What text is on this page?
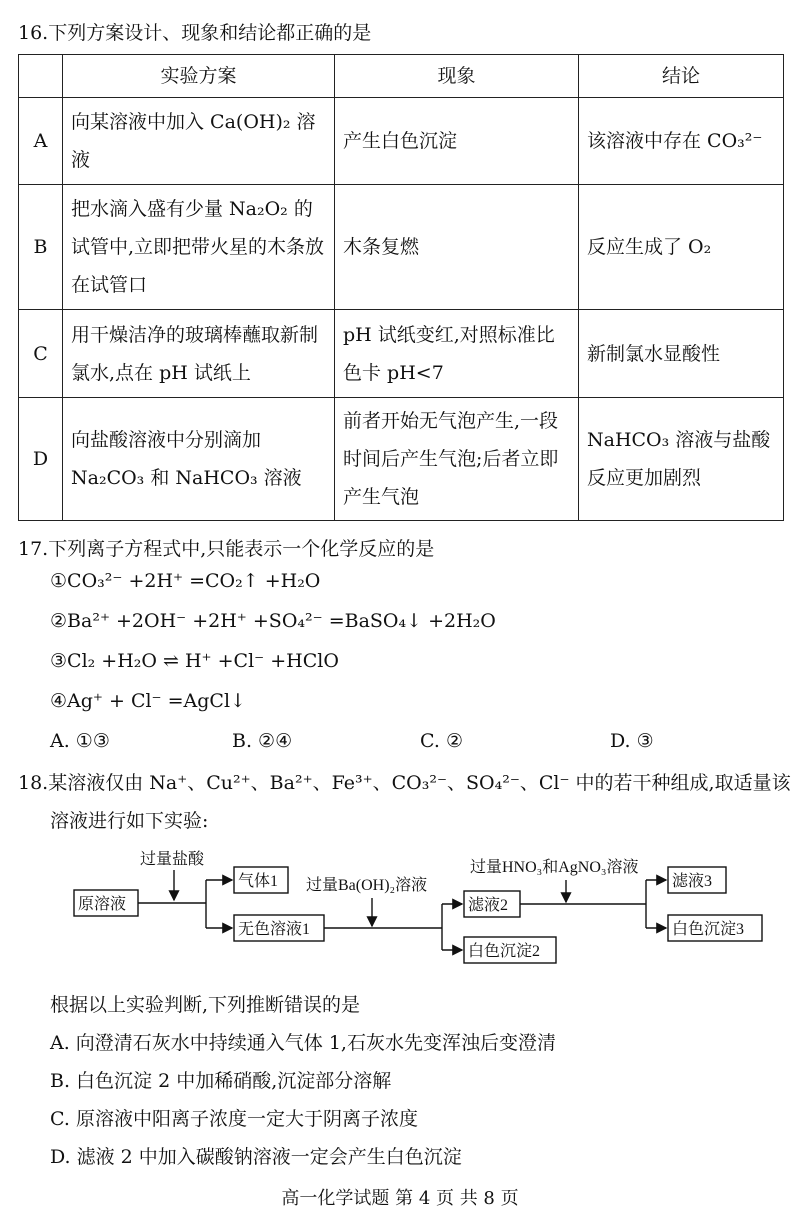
16.下列方案设计、现象和结论都正确的是
	实验方案	现象	结论
A	向某溶液中加入 Ca(OH)₂ 溶液	产生白色沉淀	该溶液中存在 CO₃²⁻
B	把水滴入盛有少量 Na₂O₂ 的试管中,立即把带火星的木条放在试管口	木条复燃	反应生成了 O₂
C	用干燥洁净的玻璃棒蘸取新制氯水,点在 pH 试纸上	pH 试纸变红,对照标准比色卡 pH<7	新制氯水显酸性
D	向盐酸溶液中分别滴加 Na₂CO₃ 和 NaHCO₃ 溶液	前者开始无气泡产生,一段时间后产生气泡;后者立即产生气泡	NaHCO₃ 溶液与盐酸反应更加剧烈
17.下列离子方程式中,只能表示一个化学反应的是
①CO₃²⁻ +2H⁺ =CO₂↑ +H₂O
②Ba²⁺ +2OH⁻ +2H⁺ +SO₄²⁻ =BaSO₄↓ +2H₂O
③Cl₂ +H₂O ⇌ H⁺ +Cl⁻ +HClO
④Ag⁺ + Cl⁻ =AgCl↓
A. ①③	B. ②④	C. ②	D. ③
18.某溶液仅由 Na⁺、Cu²⁺、Ba²⁺、Fe³⁺、CO₃²⁻、SO₄²⁻、Cl⁻ 中的若干种组成,取适量该
溶液进行如下实验:
原溶液
过量盐酸
气体1
无色溶液1
过量Ba(OH)₂溶液
滤液2
白色沉淀2
过量HNO₃和AgNO₃溶液
滤液3
白色沉淀3
根据以上实验判断,下列推断错误的是
A. 向澄清石灰水中持续通入气体 1,石灰水先变浑浊后变澄清
B. 白色沉淀 2 中加稀硝酸,沉淀部分溶解
C. 原溶液中阳离子浓度一定大于阴离子浓度
D. 滤液 2 中加入碳酸钠溶液一定会产生白色沉淀
高一化学试题 第 4 页 共 8 页
